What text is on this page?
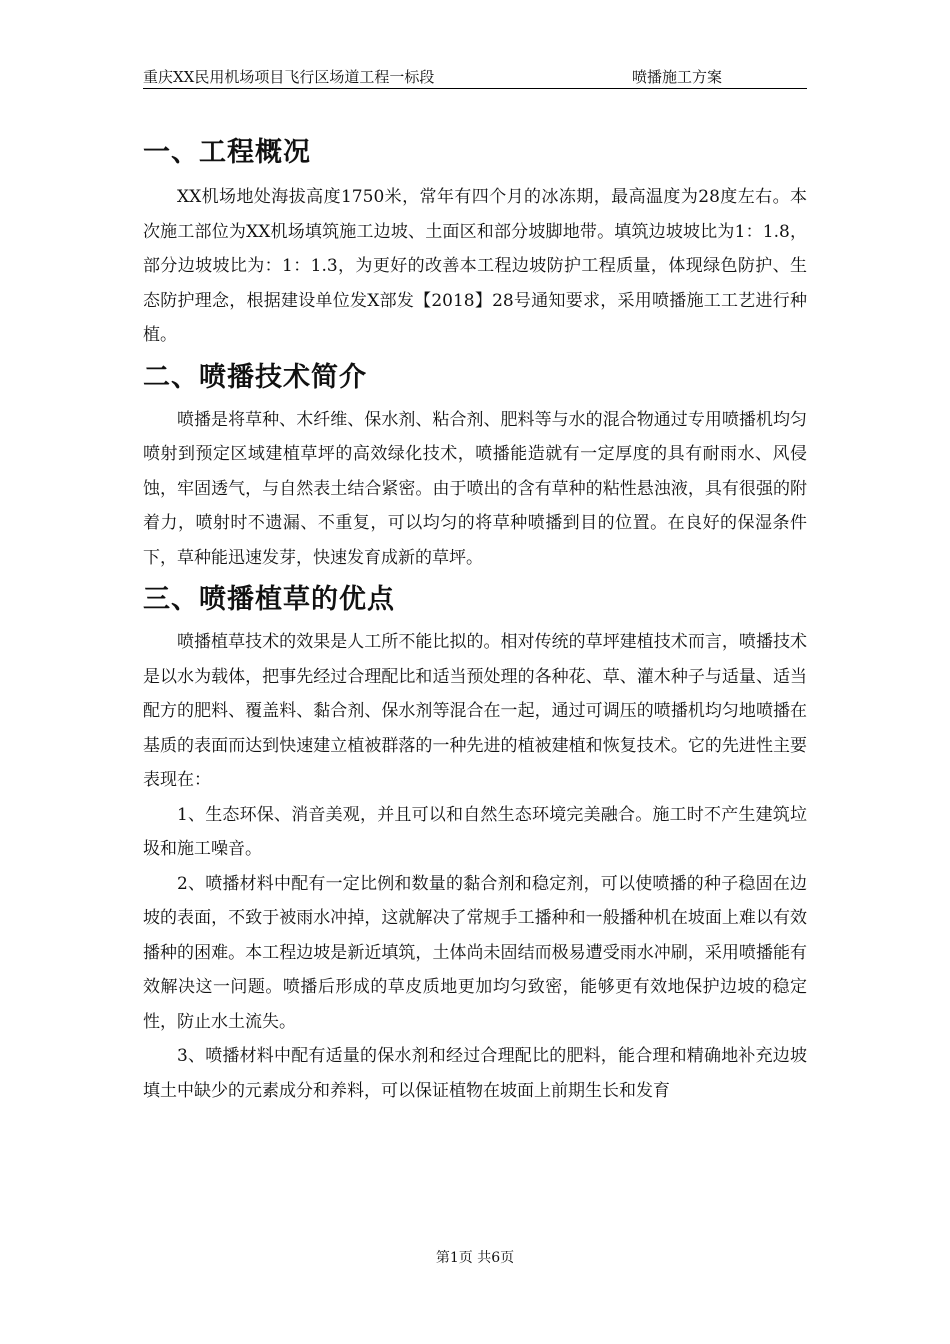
重庆XX民用机场项目飞行区场道工程一标段	喷播施工方案
一、工程概况

XX机场地处海拔高度1750米，常年有四个月的冰冻期，最高温度为28度左右。本次施工部位为XX机场填筑施工边坡、土面区和部分坡脚地带。填筑边坡坡比为1：1.8，部分边坡坡比为：1：1.3，为更好的改善本工程边坡防护工程质量，体现绿色防护、生态防护理念，根据建设单位发X部发【2018】28号通知要求，采用喷播施工工艺进行种植。

二、喷播技术简介

喷播是将草种、木纤维、保水剂、粘合剂、肥料等与水的混合物通过专用喷播机均匀喷射到预定区域建植草坪的高效绿化技术，喷播能造就有一定厚度的具有耐雨水、风侵蚀，牢固透气，与自然表土结合紧密。由于喷出的含有草种的粘性悬浊液，具有很强的附着力，喷射时不遗漏、不重复，可以均匀的将草种喷播到目的位置。在良好的保湿条件下，草种能迅速发芽，快速发育成新的草坪。

三、喷播植草的优点

喷播植草技术的效果是人工所不能比拟的。相对传统的草坪建植技术而言，喷播技术是以水为载体，把事先经过合理配比和适当预处理的各种花、草、灌木种子与适量、适当配方的肥料、覆盖料、黏合剂、保水剂等混合在一起，通过可调压的喷播机均匀地喷播在基质的表面而达到快速建立植被群落的一种先进的植被建植和恢复技术。它的先进性主要表现在：

1、生态环保、消音美观，并且可以和自然生态环境完美融合。施工时不产生建筑垃圾和施工噪音。

2、喷播材料中配有一定比例和数量的黏合剂和稳定剂，可以使喷播的种子稳固在边坡的表面，不致于被雨水冲掉，这就解决了常规手工播种和一般播种机在坡面上难以有效播种的困难。本工程边坡是新近填筑，土体尚未固结而极易遭受雨水冲刷，采用喷播能有效解决这一问题。喷播后形成的草皮质地更加均匀致密，能够更有效地保护边坡的稳定性，防止水土流失。

3、喷播材料中配有适量的保水剂和经过合理配比的肥料，能合理和精确地补充边坡填土中缺少的元素成分和养料，可以保证植物在坡面上前期生长和发育

第1页 共6页
